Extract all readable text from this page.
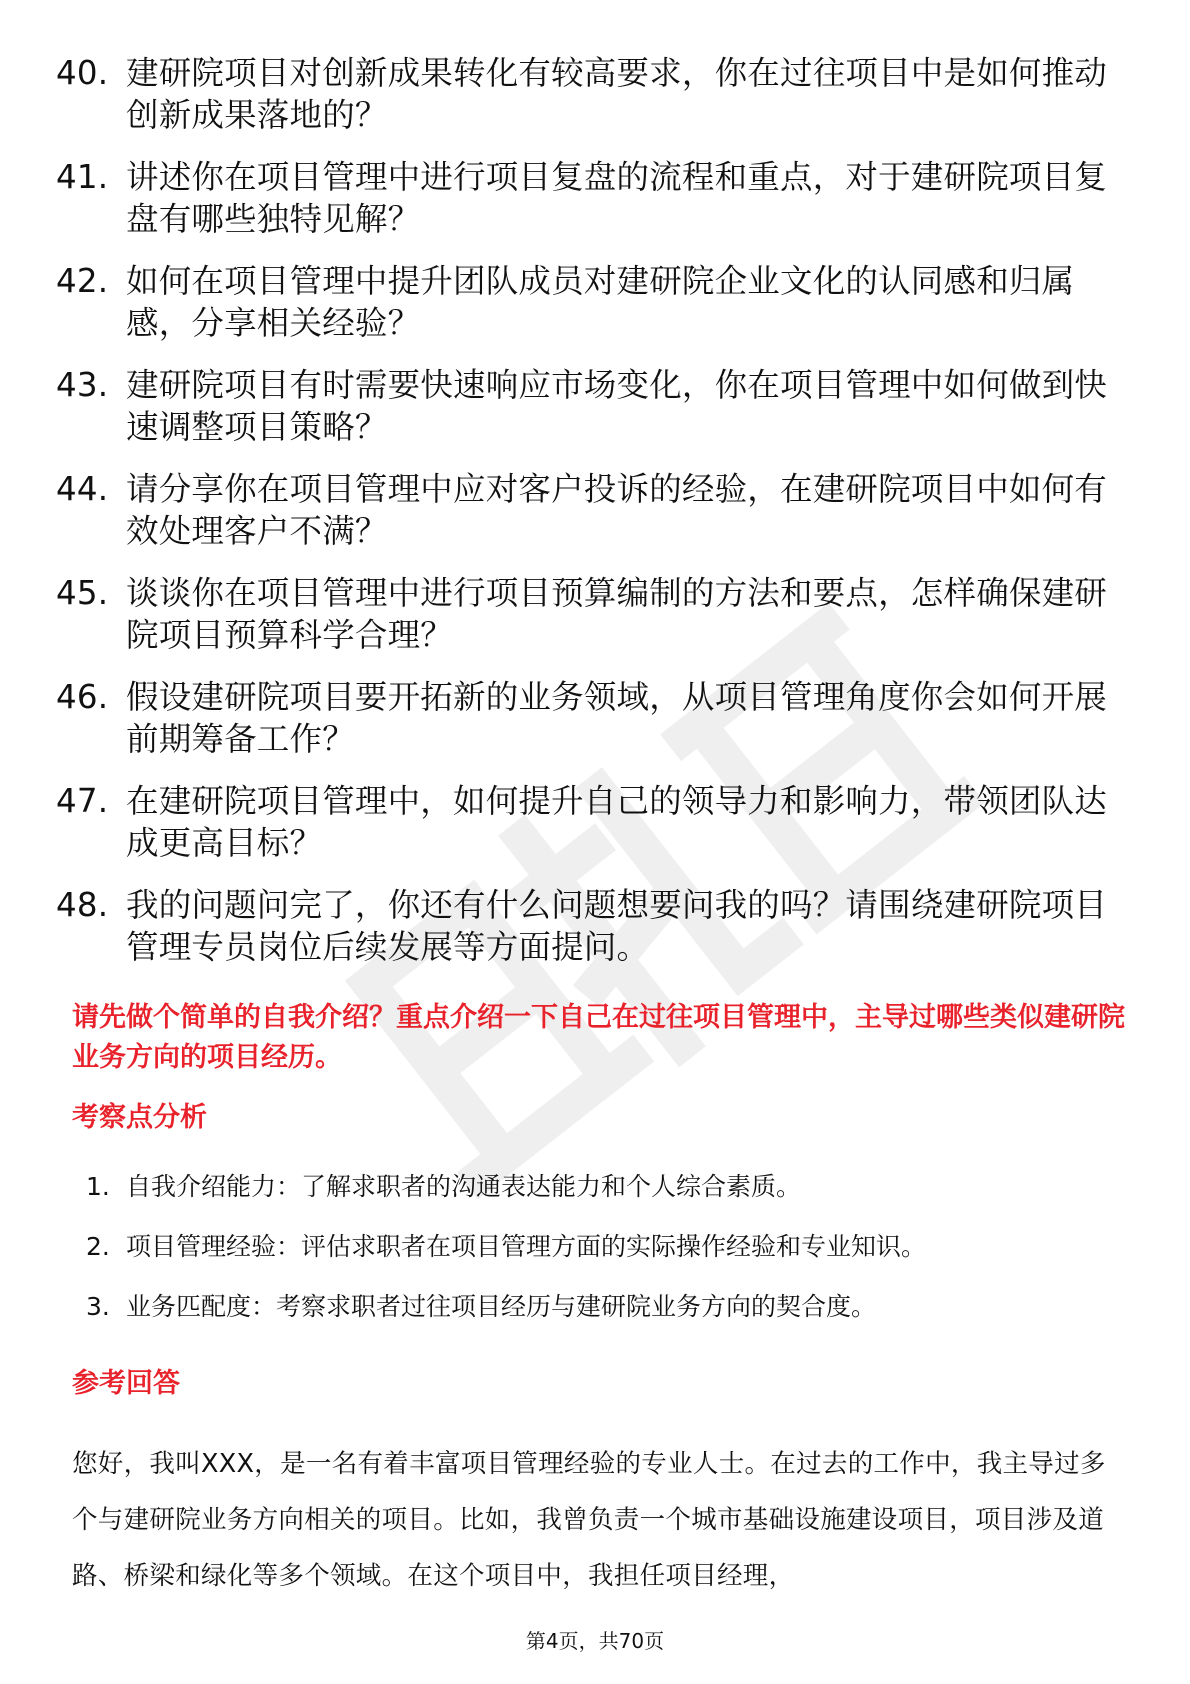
40. 建研院项目对创新成果转化有较高要求，你在过往项目中是如何推动创新成果落地的？
41. 讲述你在项目管理中进行项目复盘的流程和重点，对于建研院项目复盘有哪些独特见解？
42. 如何在项目管理中提升团队成员对建研院企业文化的认同感和归属感，分享相关经验？
43. 建研院项目有时需要快速响应市场变化，你在项目管理中如何做到快速调整项目策略？
44. 请分享你在项目管理中应对客户投诉的经验，在建研院项目中如何有效处理客户不满？
45. 谈谈你在项目管理中进行项目预算编制的方法和要点，怎样确保建研院项目预算科学合理？
46. 假设建研院项目要开拓新的业务领域，从项目管理角度你会如何开展前期筹备工作？
47. 在建研院项目管理中，如何提升自己的领导力和影响力，带领团队达成更高目标？
48. 我的问题问完了，你还有什么问题想要问我的吗？请围绕建研院项目管理专员岗位后续发展等方面提问。
请先做个简单的自我介绍？重点介绍一下自己在过往项目管理中，主导过哪些类似建研院业务方向的项目经历。
考察点分析
1. 自我介绍能力：了解求职者的沟通表达能力和个人综合素质。
2. 项目管理经验：评估求职者在项目管理方面的实际操作经验和专业知识。
3. 业务匹配度：考察求职者过往项目经历与建研院业务方向的契合度。
参考回答

您好，我叫XXX，是一名有着丰富项目管理经验的专业人士。在过去的工作中，我主导过多个与建研院业务方向相关的项目。比如，我曾负责一个城市基础设施建设项目，项目涉及道路、桥梁和绿化等多个领域。在这个项目中，我担任项目经理，

第4页，共70页
